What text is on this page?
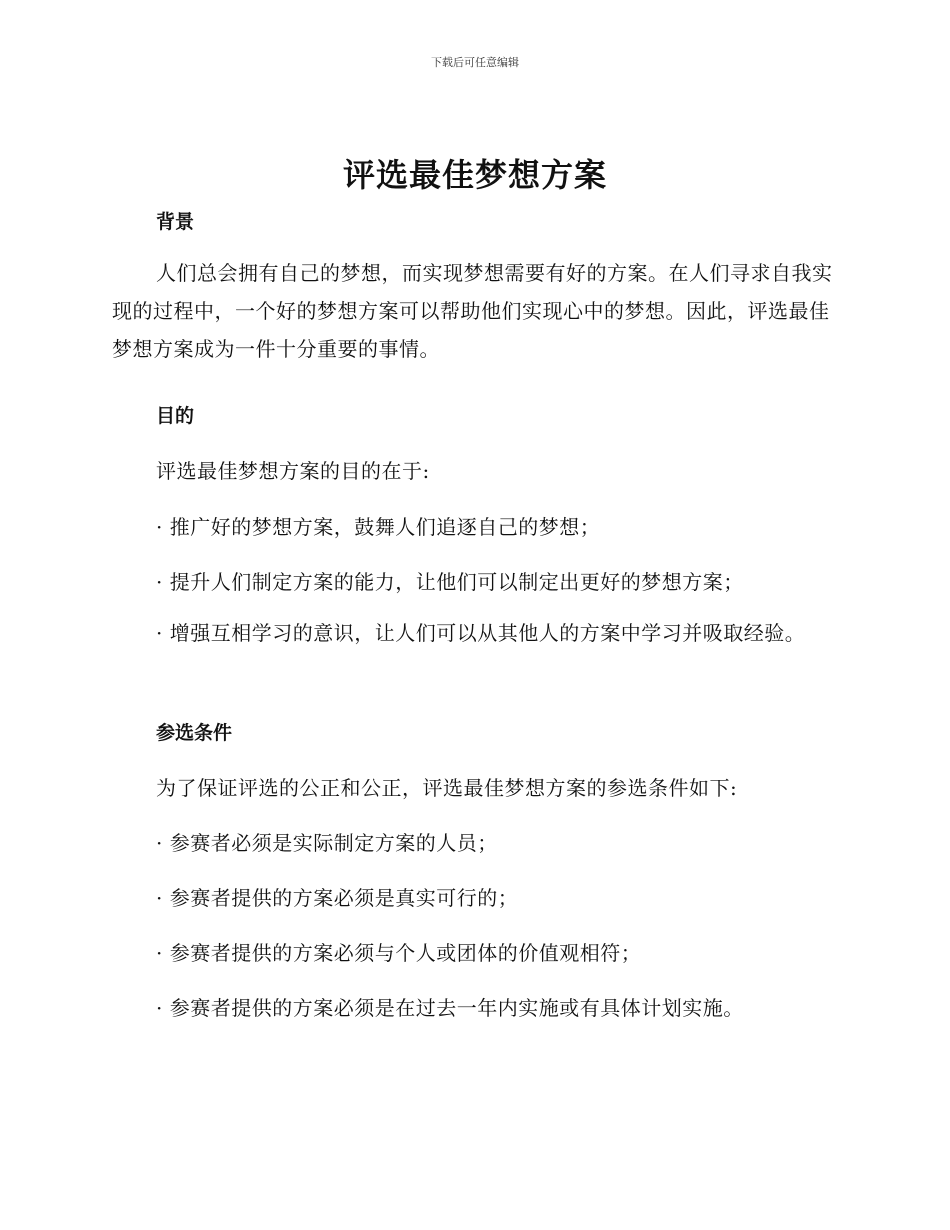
下载后可任意编辑
评选最佳梦想方案
背景
人们总会拥有自己的梦想，而实现梦想需要有好的方案。在人们寻求自我实现的过程中，一个好的梦想方案可以帮助他们实现心中的梦想。因此，评选最佳梦想方案成为一件十分重要的事情。
目的
评选最佳梦想方案的目的在于:
· 推广好的梦想方案，鼓舞人们追逐自己的梦想；
· 提升人们制定方案的能力，让他们可以制定出更好的梦想方案；
· 增强互相学习的意识，让人们可以从其他人的方案中学习并吸取经验。
参选条件
为了保证评选的公正和公正，评选最佳梦想方案的参选条件如下:
· 参赛者必须是实际制定方案的人员；
· 参赛者提供的方案必须是真实可行的；
· 参赛者提供的方案必须与个人或团体的价值观相符；
· 参赛者提供的方案必须是在过去一年内实施或有具体计划实施。
